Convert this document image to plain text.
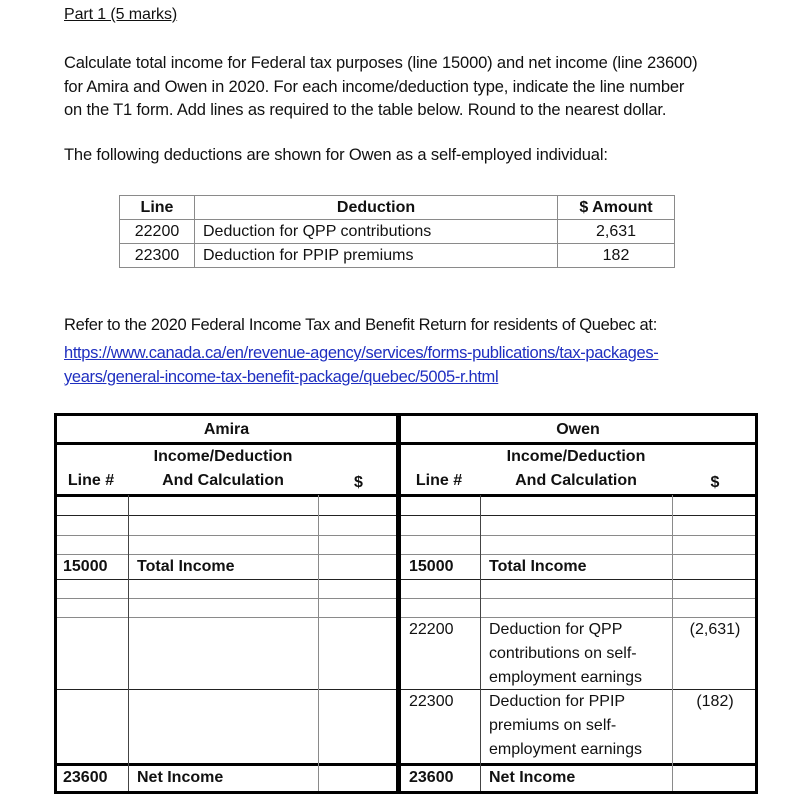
Part 1 (5 marks)
Calculate total income for Federal tax purposes (line 15000) and net income (line 23600)
for Amira and Owen in 2020. For each income/deduction type, indicate the line number
on the T1 form. Add lines as required to the table below. Round to the nearest dollar.
The following deductions are shown for Owen as a self-employed individual:
Line	Deduction	$ Amount
22200	Deduction for QPP contributions	2,631
22300	Deduction for PPIP premiums	182
Refer to the 2020 Federal Income Tax and Benefit Return for residents of Quebec at:
https://www.canada.ca/en/revenue-agency/services/forms-publications/tax-packages-
years/general-income-tax-benefit-package/quebec/5005-r.html
Amira
Line #
Income/Deduction
And Calculation	$
15000 Total Income
23600 Net Income
Owen
Line #
Income/Deduction
And Calculation	$
15000 Total Income
22200 Deduction for QPP
contributions on self-
employment earnings
(2,631)
22300 Deduction for PPIP
premiums on self-
employment earnings
(182)
23600 Net Income
